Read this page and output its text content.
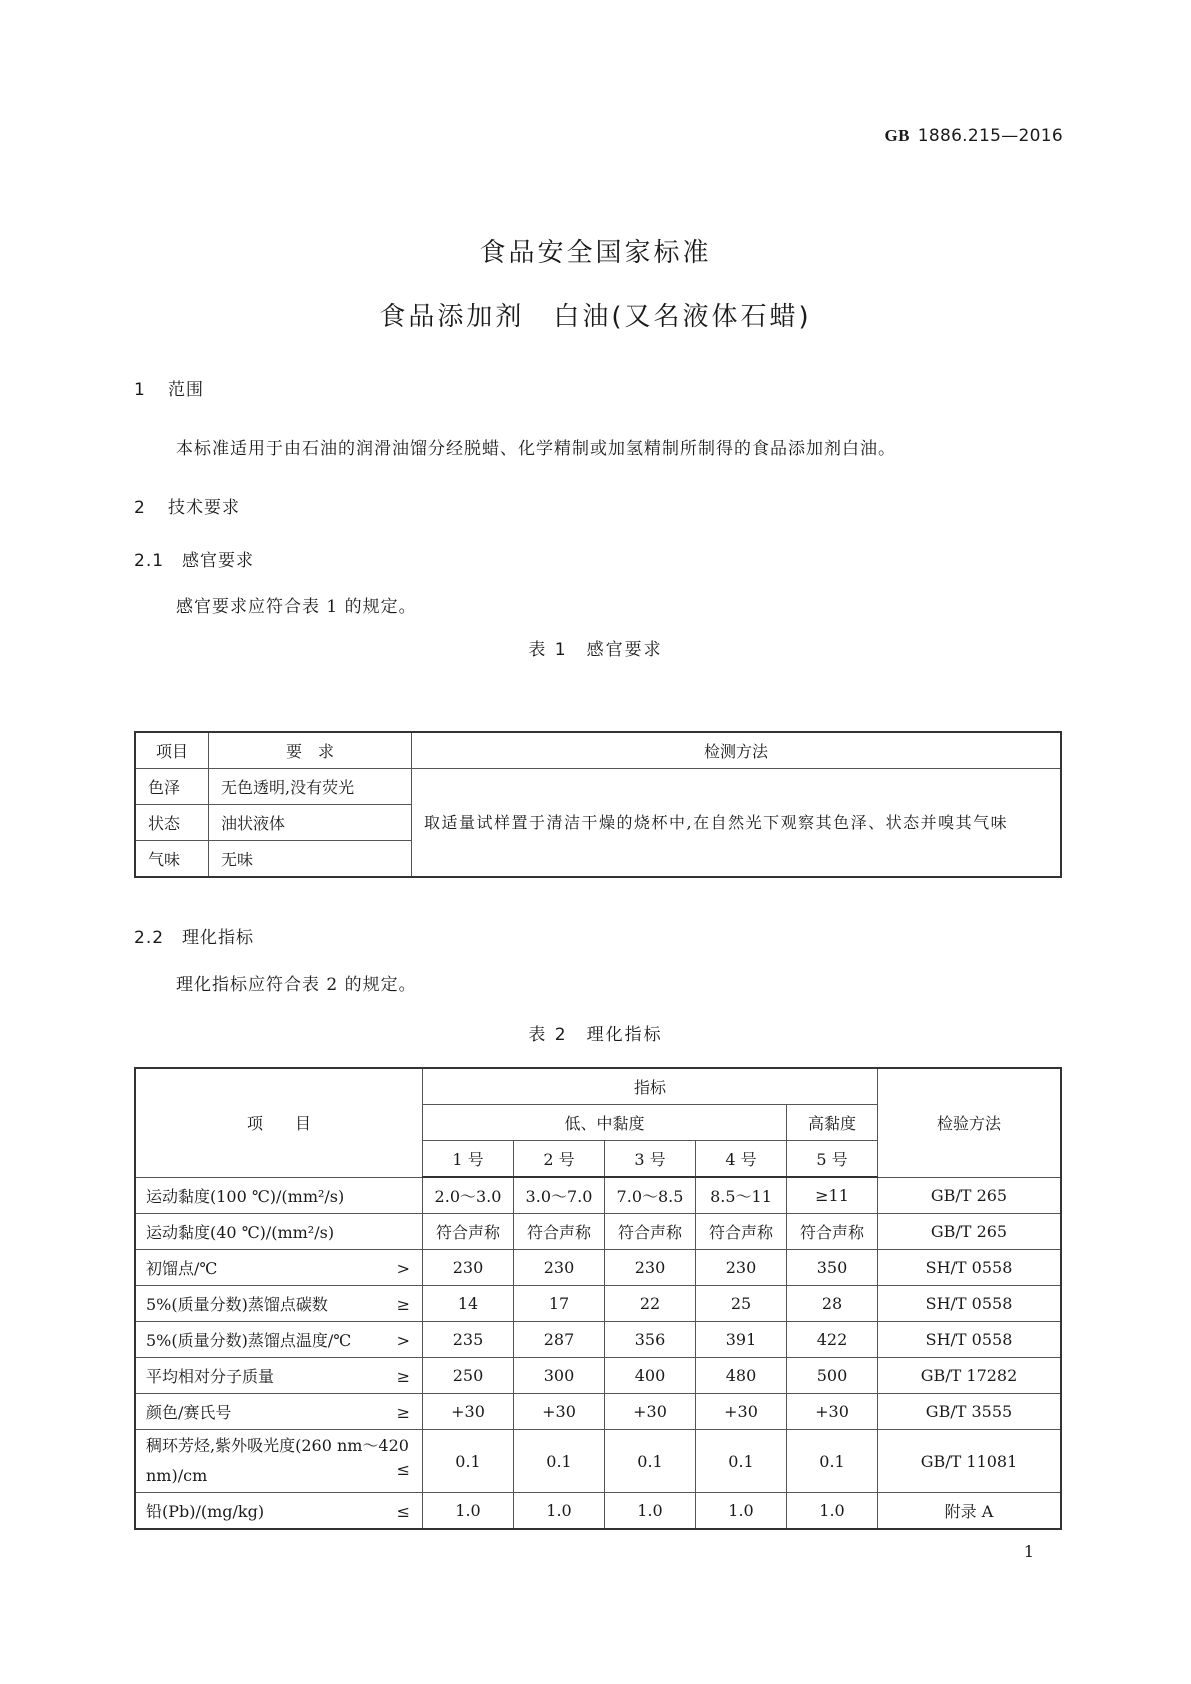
GB 1886.215—2016
食品安全国家标准
食品添加剂　白油(又名液体石蜡)
1 范围
本标准适用于由石油的润滑油馏分经脱蜡、化学精制或加氢精制所制得的食品添加剂白油。
2 技术要求
2.1 感官要求
感官要求应符合表 1 的规定。
表 1　感官要求
项目	要　求	检测方法
色泽	无色透明,没有荧光	取适量试样置于清洁干燥的烧杯中,在自然光下观察其色泽、状态并嗅其气味
状态	油状液体	
气味	无味	
2.2 理化指标
理化指标应符合表 2 的规定。
表 2　理化指标
项　　目	指标					检验方法
	低、中黏度				高黏度	
	1 号	2 号	3 号	4 号	5 号	
运动黏度(100 ℃)/(mm²/s)	2.0～3.0	3.0～7.0	7.0～8.5	8.5～11	≥11	GB/T 265
运动黏度(40 ℃)/(mm²/s)	符合声称	符合声称	符合声称	符合声称	符合声称	GB/T 265
初馏点/℃ >	230	230	230	230	350	SH/T 0558
5%(质量分数)蒸馏点碳数 ≥	14	17	22	25	28	SH/T 0558
5%(质量分数)蒸馏点温度/℃ >	235	287	356	391	422	SH/T 0558
平均相对分子质量 ≥	250	300	400	480	500	GB/T 17282
颜色/赛氏号 ≥	+30	+30	+30	+30	+30	GB/T 3555
稠环芳烃,紫外吸光度(260 nm～420 nm)/cm ≤	0.1	0.1	0.1	0.1	0.1	GB/T 11081
铅(Pb)/(mg/kg) ≤	1.0	1.0	1.0	1.0	1.0	附录 A
1
